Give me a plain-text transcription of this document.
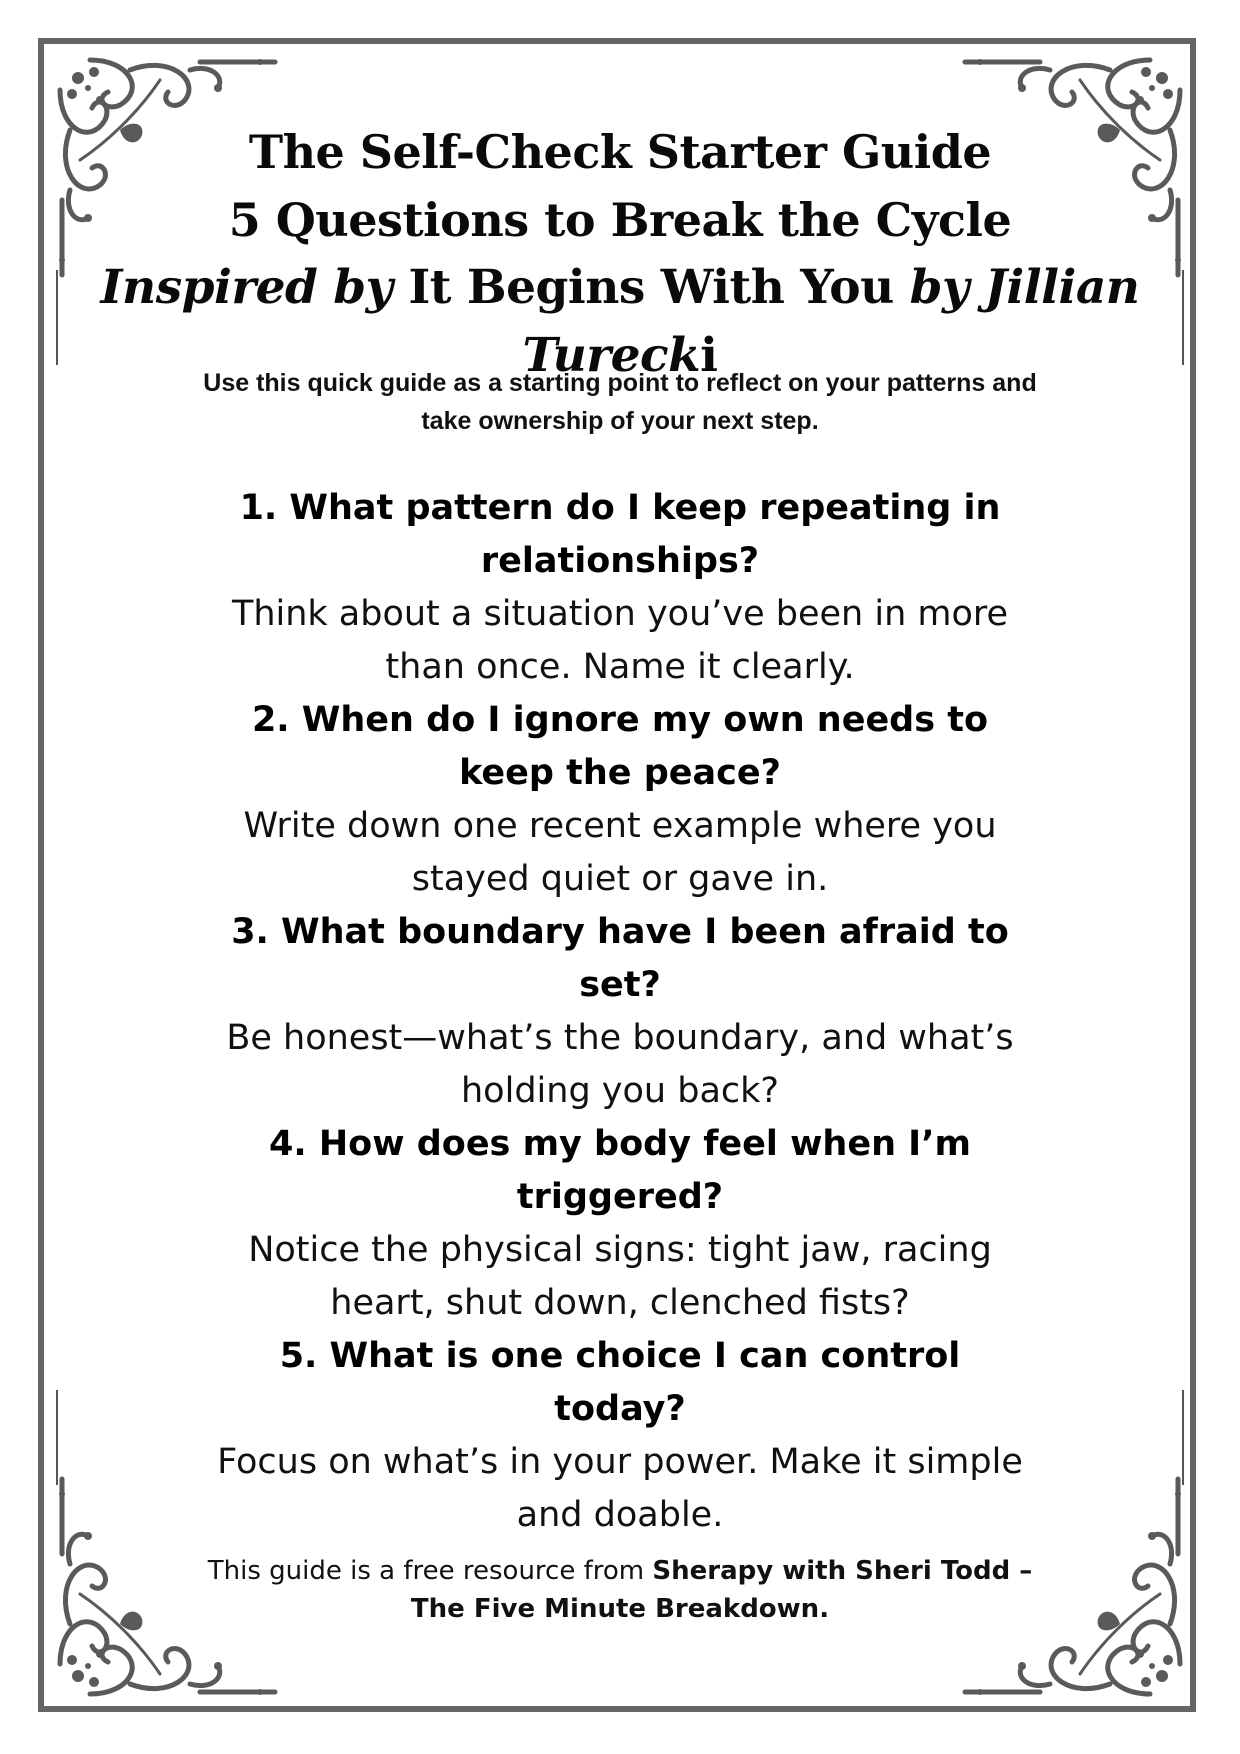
The Self-Check Starter Guide
5 Questions to Break the Cycle
Inspired by It Begins With You by Jillian Turecki
Use this quick guide as a starting point to reflect on your patterns and take ownership of your next step.
1. What pattern do I keep repeating in relationships?
Think about a situation you’ve been in more than once. Name it clearly.
2. When do I ignore my own needs to keep the peace?
Write down one recent example where you stayed quiet or gave in.
3. What boundary have I been afraid to set?
Be honest—what’s the boundary, and what’s holding you back?
4. How does my body feel when I’m triggered?
Notice the physical signs: tight jaw, racing heart, shut down, clenched fists?
5. What is one choice I can control today?
Focus on what’s in your power. Make it simple and doable.
This guide is a free resource from Sherapy with Sheri Todd – The Five Minute Breakdown.
